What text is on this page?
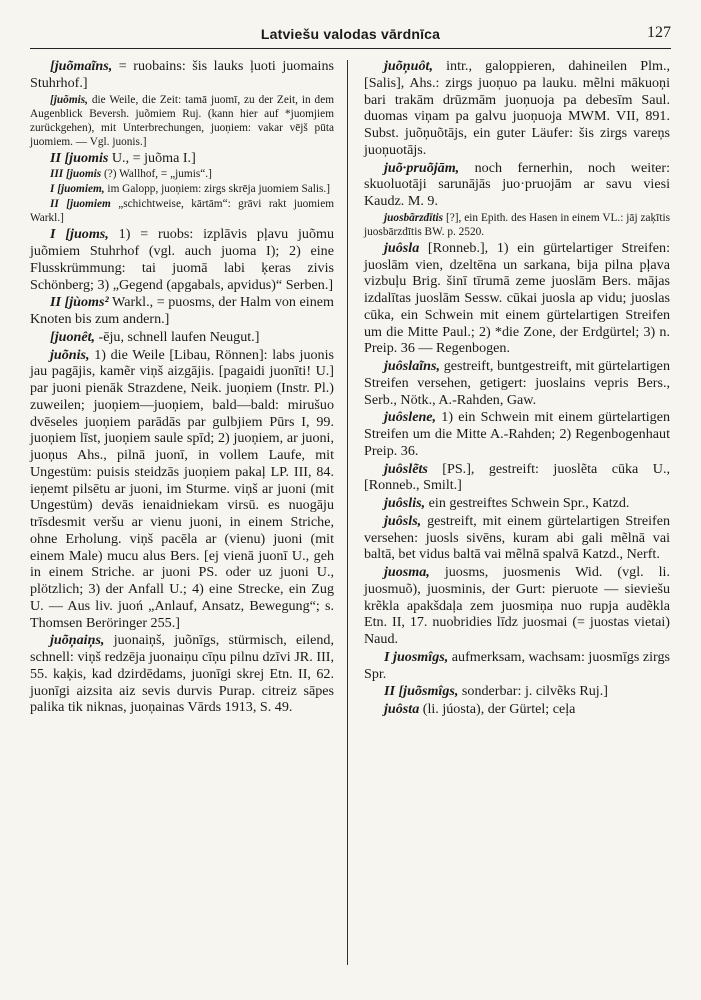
Latviešu valodas vārdnīca	127

[juõmaĩns, = ruobains: šis lauks ļuoti juomains Stuhrhof.]

[juõmis, die Weile, die Zeit: tamā juomī, zu der Zeit, in dem Augenblick Beversh. juõmiem Ruj. (kann hier auf *juomjiem zurückgehen), mit Unterbrechungen, juoņiem: vakar vējš pūta juomiem. — Vgl. juonis.]

II [juomis U., = juõma I.]

III [juomis (?) Wallhof, = „jumis“.]

I [juomiem, im Galopp, juoņiem: zirgs skrēja juomiem Salis.]

II [juomiem „schichtweise, kārtām“: grāvi rakt juomiem Warkl.]

I [juoms, 1) = ruobs: izplāvis pļavu juõmu juõmiem Stuhrhof (vgl. auch juoma I); 2) eine Flusskrümmung: tai juomā labi ķeras zivis Schönberg; 3) „Gegend (apgabals, apvidus)“ Serben.]

II [jùoms² Warkl., = puosms, der Halm von einem Knoten bis zum andern.]

[juonêt, -ēju, schnell laufen Neugut.]

juõnis, 1) die Weile [Libau, Rönnen]: labs juonis jau pagājis, kamẽr viņš aizgājis. [pagaidi juonīti! U.] par juoni pienāk Strazdene, Neik. juoņiem (Instr. Pl.) zuweilen; juoņiem—juoņiem, bald—bald: mirušuo dvēseles juoņiem parādās par gulbjiem Pūrs I, 99. juoņiem līst, juoņiem saule spīd; 2) juoņiem, ar juoni, juoņus Ahs., pilnā juonī, in vollem Laufe, mit Ungestüm: puisis steidzās juoņiem pakaļ LP. III, 84. ieņemt pilsētu ar juoni, im Sturme. viņš ar juoni (mit Ungestüm) devās ienaidniekam virsū. es nuogāju trīsdesmit veršu ar vienu juoni, in einem Striche, ohne Erholung. viņš pacēla ar (vienu) juoni (mit einem Male) mucu alus Bers. [ej vienā juonī U., geh in einem Striche. ar juoni PS. oder uz juoni U., plötzlich; 3) der Anfall U.; 4) eine Strecke, ein Zug U. — Aus liv. juoń „Anlauf, Ansatz, Bewegung“; s. Thomsen Beröringer 255.]

juõņaiņs, juonaiņš, juõnīgs, stürmisch, eilend, schnell: viņš redzēja juonaiņu cīņu pilnu dzīvi JR. III, 55. kaķis, kad dzirdēdams, juonīgi skrej Etn. II, 62. juonīgi aizsita aiz sevis durvis Purap. citreiz sāpes palika tik niknas, juoņainas Vārds 1913, S. 49.

juõņuôt, intr., galoppieren, dahineilen Plm., [Salis], Ahs.: zirgs juoņuo pa lauku. mẽlni mākuoņi bari trakām drūzmām juoņuoja pa debesīm Saul. duomas viņam pa galvu juoņuoja MWM. VII, 891. Subst. juõņuõtājs, ein guter Läufer: šis zirgs vareņs juoņuotājs.

juõ·pruõjām, noch fernerhin, noch weiter: skuoluotāji sarunājās juo·pruojām ar savu viesi Kaudz. M. 9.

juosbãrzdītis [?], ein Epith. des Hasen in einem VL.: jāj zaķītis juosbārzdītis BW. p. 2520.

juôsla [Ronneb.], 1) ein gürtelartiger Streifen: juoslām vien, dzeltēna un sarkana, bija pilna pļava vizbuļu Brig. šinī tīrumā zeme juoslām Bers. mājas izdalītas juoslām Sessw. cūkai juosla ap vidu; juoslas cūka, ein Schwein mit einem gürtelartigen Streifen um die Mitte Paul.; 2) *die Zone, der Erdgürtel; 3) n. Preip. 36 — Regenbogen.

juôslaĩns, gestreift, buntgestreift, mit gürtelartigen Streifen versehen, getigert: juoslains vepris Bers., Serb., Nötk., A.-Rahden, Gaw.

juôslene, 1) ein Schwein mit einem gürtelartigen Streifen um die Mitte A.-Rahden; 2) Regenbogenhaut Preip. 36.

juôslẽts [PS.], gestreift: juoslẽta cūka U., [Ronneb., Smilt.]

juôslis, ein gestreiftes Schwein Spr., Katzd.

juôsls, gestreift, mit einem gürtelartigen Streifen versehen: juosls sivēns, kuram abi gali mẽlnā vai baltā, bet vidus baltā vai mẽlnā spalvā Katzd., Nerft.

juosma, juosms, juosmenis Wid. (vgl. li. juosmuõ), juosminis, der Gurt: pieruote — sieviešu krẽkla apakšdaļa zem juosmiņa nuo rupja audẽkla Etn. II, 17. nuobridies līdz juosmai (= juostas vietai) Naud.

I juosmîgs, aufmerksam, wachsam: juosmīgs zirgs Spr.

II [juõsmîgs, sonderbar: j. cilvẽks Ruj.]

juôsta (li. júosta), der Gürtel; ceļa
